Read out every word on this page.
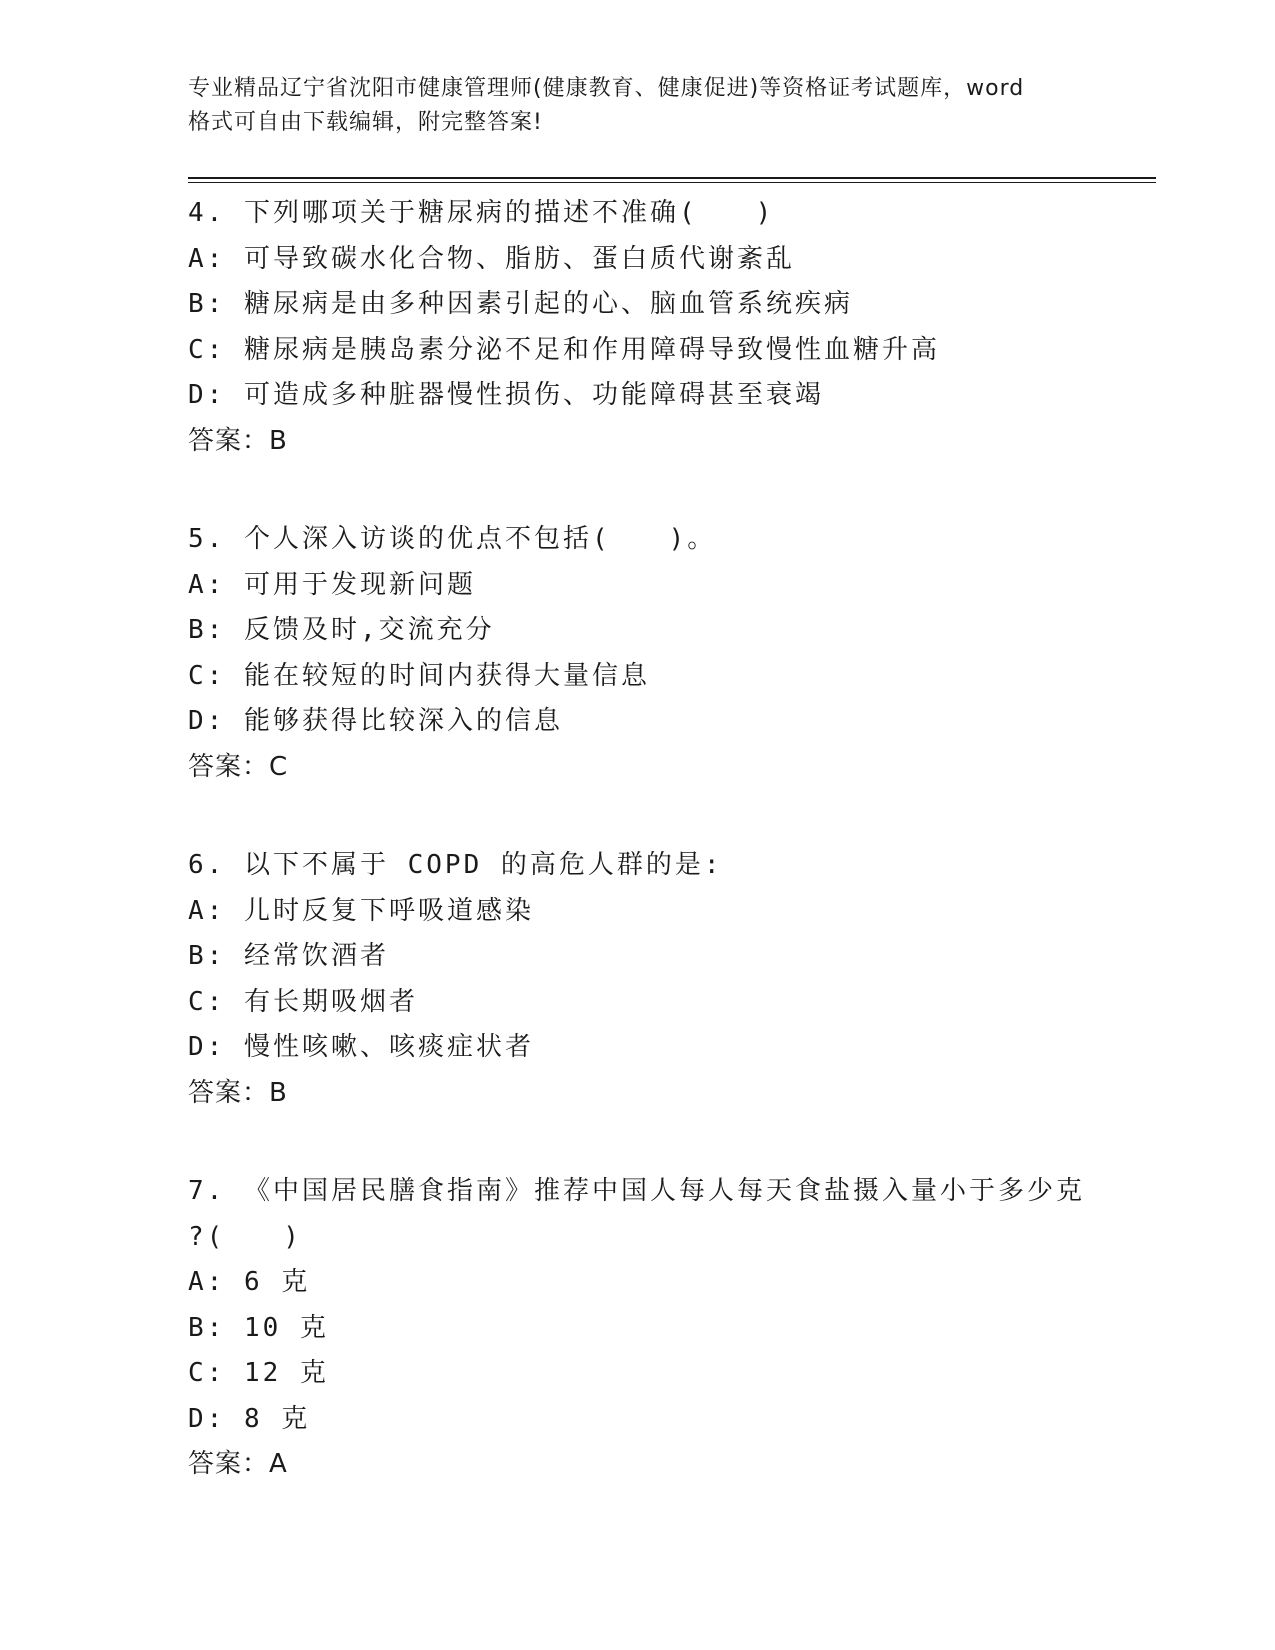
专业精品辽宁省沈阳市健康管理师(健康教育、健康促进)等资格证考试题库，word
格式可自由下载编辑，附完整答案!
4. 下列哪项关于糖尿病的描述不准确(　　)
A: 可导致碳水化合物、脂肪、蛋白质代谢紊乱
B: 糖尿病是由多种因素引起的心、脑血管系统疾病
C: 糖尿病是胰岛素分泌不足和作用障碍导致慢性血糖升高
D: 可造成多种脏器慢性损伤、功能障碍甚至衰竭
答案：B
5. 个人深入访谈的优点不包括(　　)。
A: 可用于发现新问题
B: 反馈及时,交流充分
C: 能在较短的时间内获得大量信息
D: 能够获得比较深入的信息
答案：C
6. 以下不属于 COPD 的高危人群的是:
A: 儿时反复下呼吸道感染
B: 经常饮酒者
C: 有长期吸烟者
D: 慢性咳嗽、咳痰症状者
答案：B
7. 《中国居民膳食指南》推荐中国人每人每天食盐摄入量小于多少克
?(　　)
A: 6 克
B: 10 克
C: 12 克
D: 8 克
答案：A
